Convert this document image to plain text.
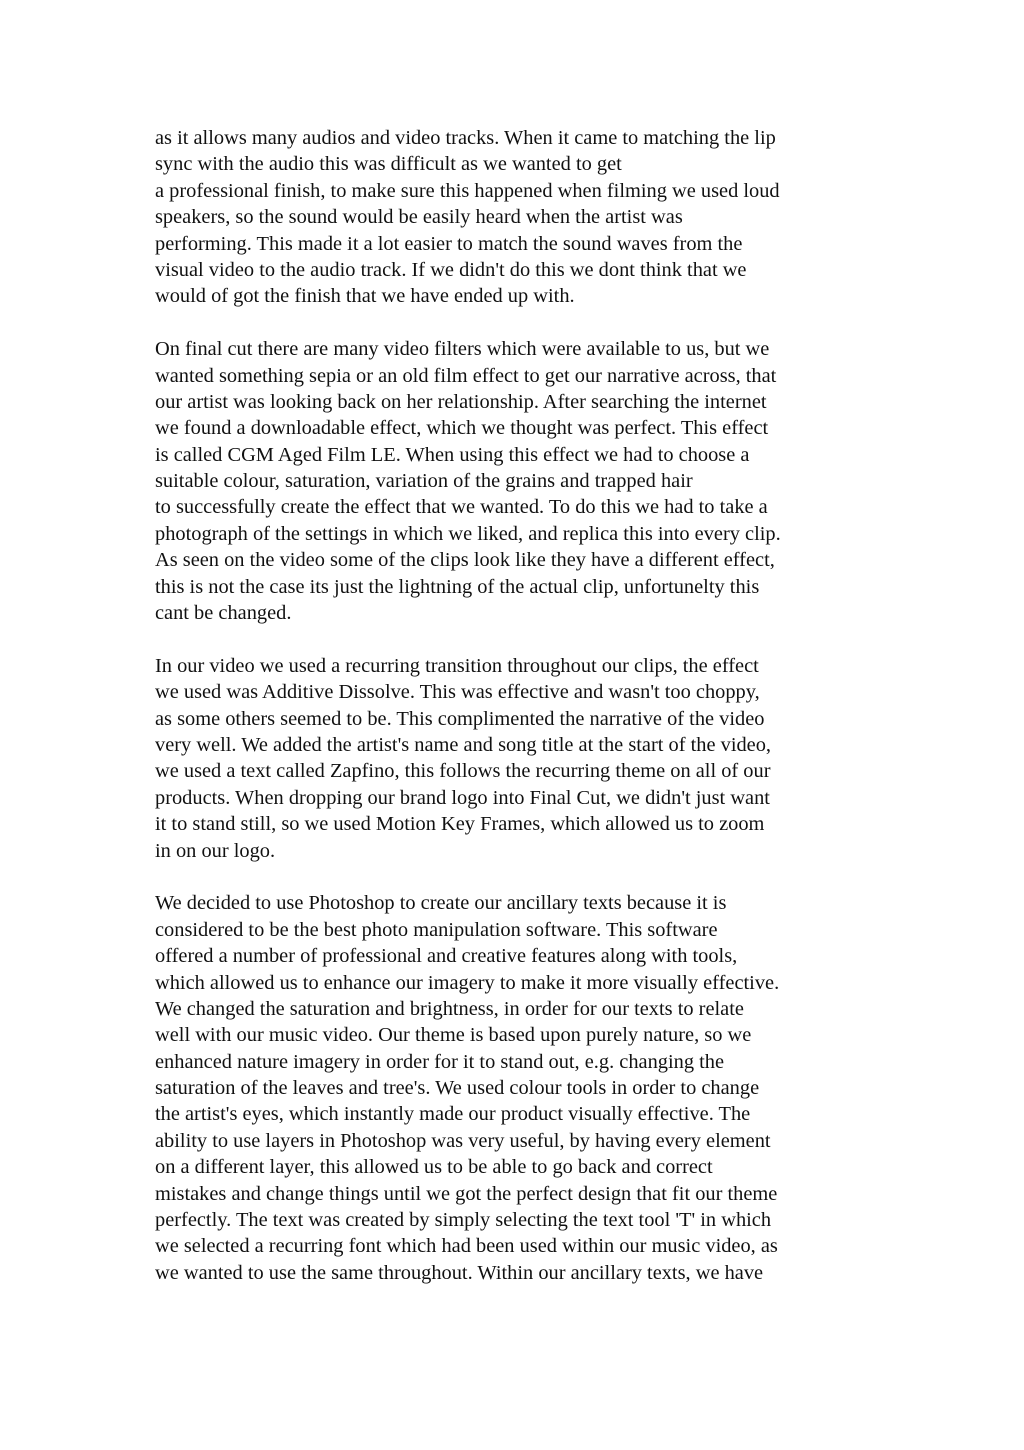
as it allows many audios and video tracks. When it came to matching the lip
sync with the audio this was difficult as we wanted to get
a professional finish, to make sure this happened when filming we used loud
speakers, so the sound would be easily heard when the artist was
performing. This made it a lot easier to match the sound waves from the
visual video to the audio track. If we didn't do this we dont think that we
would of got the finish that we have ended up with.

On final cut there are many video filters which were available to us, but we
wanted something sepia or an old film effect to get our narrative across, that
our artist was looking back on her relationship. After searching the internet
we found a downloadable effect, which we thought was perfect. This effect
is called CGM Aged Film LE. When using this effect we had to choose a
suitable colour, saturation, variation of the grains and trapped hair
to successfully create the effect that we wanted. To do this we had to take a
photograph of the settings in which we liked, and replica this into every clip.
As seen on the video some of the clips look like they have a different effect,
this is not the case its just the lightning of the actual clip, unfortunelty this
cant be changed.

In our video we used a recurring transition throughout our clips, the effect
we used was Additive Dissolve. This was effective and wasn't too choppy,
as some others seemed to be. This complimented the narrative of the video
very well. We added the artist's name and song title at the start of the video,
we used a text called Zapfino, this follows the recurring theme on all of our
products. When dropping our brand logo into Final Cut, we didn't just want
it to stand still, so we used Motion Key Frames, which allowed us to zoom
in on our logo.

We decided to use Photoshop to create our ancillary texts because it is
considered to be the best photo manipulation software. This software
offered a number of professional and creative features along with tools,
which allowed us to enhance our imagery to make it more visually effective.
We changed the saturation and brightness, in order for our texts to relate
well with our music video. Our theme is based upon purely nature, so we
enhanced nature imagery in order for it to stand out, e.g. changing the
saturation of the leaves and tree's. We used colour tools in order to change
the artist's eyes, which instantly made our product visually effective. The
ability to use layers in Photoshop was very useful, by having every element
on a different layer, this allowed us to be able to go back and correct
mistakes and change things until we got the perfect design that fit our theme
perfectly. The text was created by simply selecting the text tool 'T' in which
we selected a recurring font which had been used within our music video, as
we wanted to use the same throughout. Within our ancillary texts, we have
